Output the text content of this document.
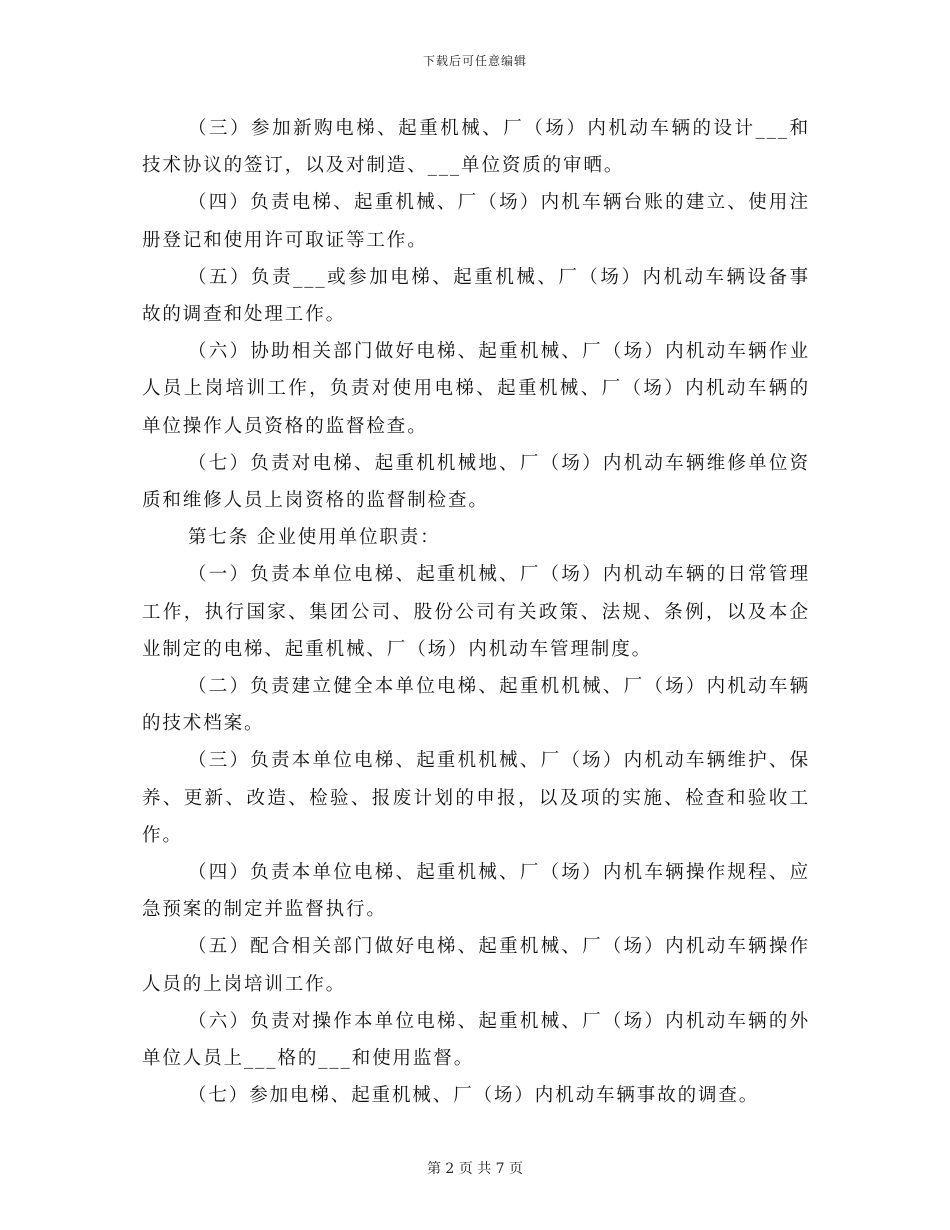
下载后可任意编辑

（三）参加新购电梯、起重机械、厂（场）内机动车辆的设计___和技术协议的签订，以及对制造、___单位资质的审晒。

（四）负责电梯、起重机械、厂（场）内机车辆台账的建立、使用注册登记和使用许可取证等工作。

（五）负责___或参加电梯、起重机械、厂（场）内机动车辆设备事故的调查和处理工作。

（六）协助相关部门做好电梯、起重机械、厂（场）内机动车辆作业人员上岗培训工作，负责对使用电梯、起重机械、厂（场）内机动车辆的单位操作人员资格的监督检查。

（七）负责对电梯、起重机机械地、厂（场）内机动车辆维修单位资质和维修人员上岗资格的监督制检查。

第七条 企业使用单位职责：

（一）负责本单位电梯、起重机械、厂（场）内机动车辆的日常管理工作，执行国家、集团公司、股份公司有关政策、法规、条例，以及本企业制定的电梯、起重机械、厂（场）内机动车管理制度。

（二）负责建立健全本单位电梯、起重机机械、厂（场）内机动车辆的技术档案。

（三）负责本单位电梯、起重机机械、厂（场）内机动车辆维护、保养、更新、改造、检验、报废计划的申报，以及项的实施、检查和验收工作。

（四）负责本单位电梯、起重机械、厂（场）内机车辆操作规程、应急预案的制定并监督执行。

（五）配合相关部门做好电梯、起重机械、厂（场）内机动车辆操作人员的上岗培训工作。

（六）负责对操作本单位电梯、起重机械、厂（场）内机动车辆的外单位人员上___格的___和使用监督。

（七）参加电梯、起重机械、厂（场）内机动车辆事故的调查。

第 2 页 共 7 页
